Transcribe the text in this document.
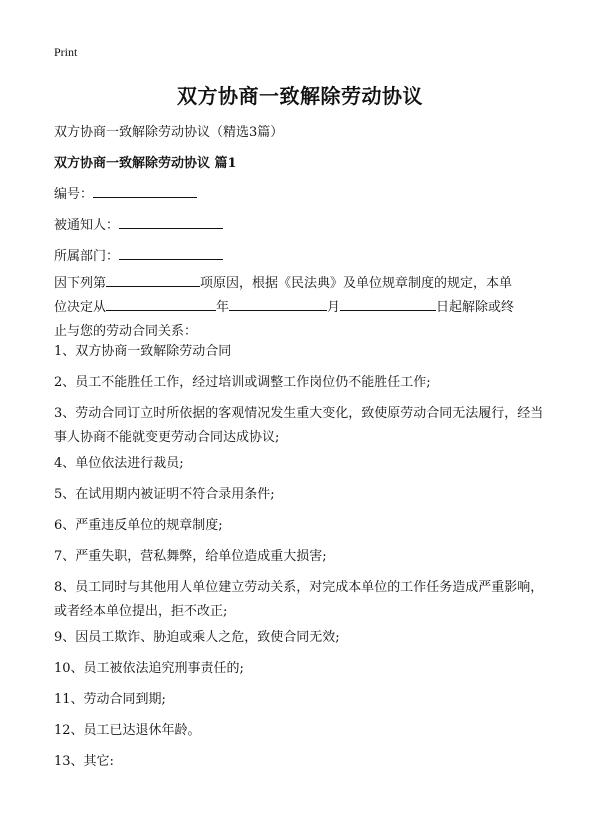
Print
双方协商一致解除劳动协议
双方协商一致解除劳动协议（精选3篇）
双方协商一致解除劳动协议 篇1
编号：
被通知人：
所属部门：
因下列第	项原因，根据《民法典》及单位规章制度的规定，本单
位决定从	年	月	日起解除或终
止与您的劳动合同关系：
1、双方协商一致解除劳动合同
2、员工不能胜任工作，经过培训或调整工作岗位仍不能胜任工作;
3、劳动合同订立时所依据的客观情况发生重大变化，致使原劳动合同无法履行，经当事人协商不能就变更劳动合同达成协议;
4、单位依法进行裁员;
5、在试用期内被证明不符合录用条件;
6、严重违反单位的规章制度;
7、严重失职，营私舞弊，给单位造成重大损害;
8、员工同时与其他用人单位建立劳动关系，对完成本单位的工作任务造成严重影响，或者经本单位提出，拒不改正;
9、因员工欺诈、胁迫或乘人之危，致使合同无效;
10、员工被依法追究刑事责任的;
11、劳动合同到期;
12、员工已达退休年龄。
13、其它:
